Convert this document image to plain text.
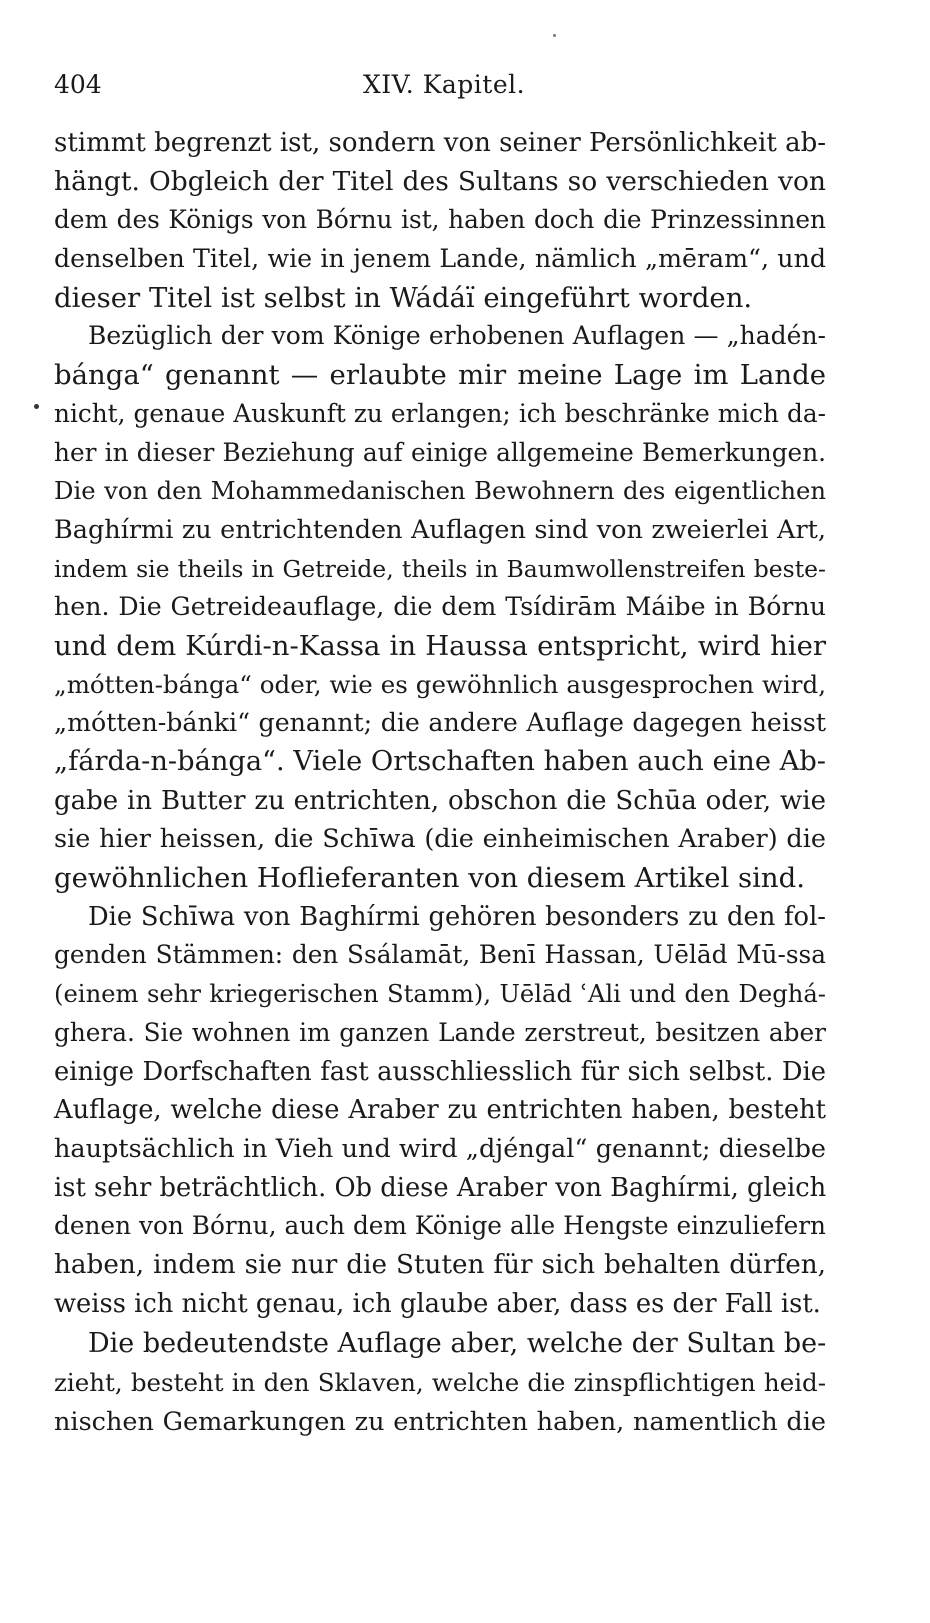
404	XIV. Kapitel.
stimmt begrenzt ist, sondern von seiner Persönlichkeit ab-
hängt. Obgleich der Titel des Sultans so verschieden von
dem des Königs von Bórnu ist, haben doch die Prinzessinnen
denselben Titel, wie in jenem Lande, nämlich „mēram“, und
dieser Titel ist selbst in Wádáï eingeführt worden.
Bezüglich der vom Könige erhobenen Auflagen — „hadén-
bánga“ genannt — erlaubte mir meine Lage im Lande
nicht, genaue Auskunft zu erlangen; ich beschränke mich da-
her in dieser Beziehung auf einige allgemeine Bemerkungen.
Die von den Mohammedanischen Bewohnern des eigentlichen
Baghírmi zu entrichtenden Auflagen sind von zweierlei Art,
indem sie theils in Getreide, theils in Baumwollenstreifen beste-
hen. Die Getreideauflage, die dem Tsídirām Máibe in Bórnu
und dem Kúrdi-n-Kassa in Haussa entspricht, wird hier
„mótten-bánga“ oder, wie es gewöhnlich ausgesprochen wird,
„mótten-bánki“ genannt; die andere Auflage dagegen heisst
„fárda-n-bánga“. Viele Ortschaften haben auch eine Ab-
gabe in Butter zu entrichten, obschon die Schūa oder, wie
sie hier heissen, die Schīwa (die einheimischen Araber) die
gewöhnlichen Hoflieferanten von diesem Artikel sind.
Die Schīwa von Baghírmi gehören besonders zu den fol-
genden Stämmen: den Ssálamāt, Benī Hassan, Uēlād Mū-ssa
(einem sehr kriegerischen Stamm), Uēlād ʿAli und den Deghá-
ghera. Sie wohnen im ganzen Lande zerstreut, besitzen aber
einige Dorfschaften fast ausschliesslich für sich selbst. Die
Auflage, welche diese Araber zu entrichten haben, besteht
hauptsächlich in Vieh und wird „djéngal“ genannt; dieselbe
ist sehr beträchtlich. Ob diese Araber von Baghírmi, gleich
denen von Bórnu, auch dem Könige alle Hengste einzuliefern
haben, indem sie nur die Stuten für sich behalten dürfen,
weiss ich nicht genau, ich glaube aber, dass es der Fall ist.
Die bedeutendste Auflage aber, welche der Sultan be-
zieht, besteht in den Sklaven, welche die zinspflichtigen heid-
nischen Gemarkungen zu entrichten haben, namentlich die
